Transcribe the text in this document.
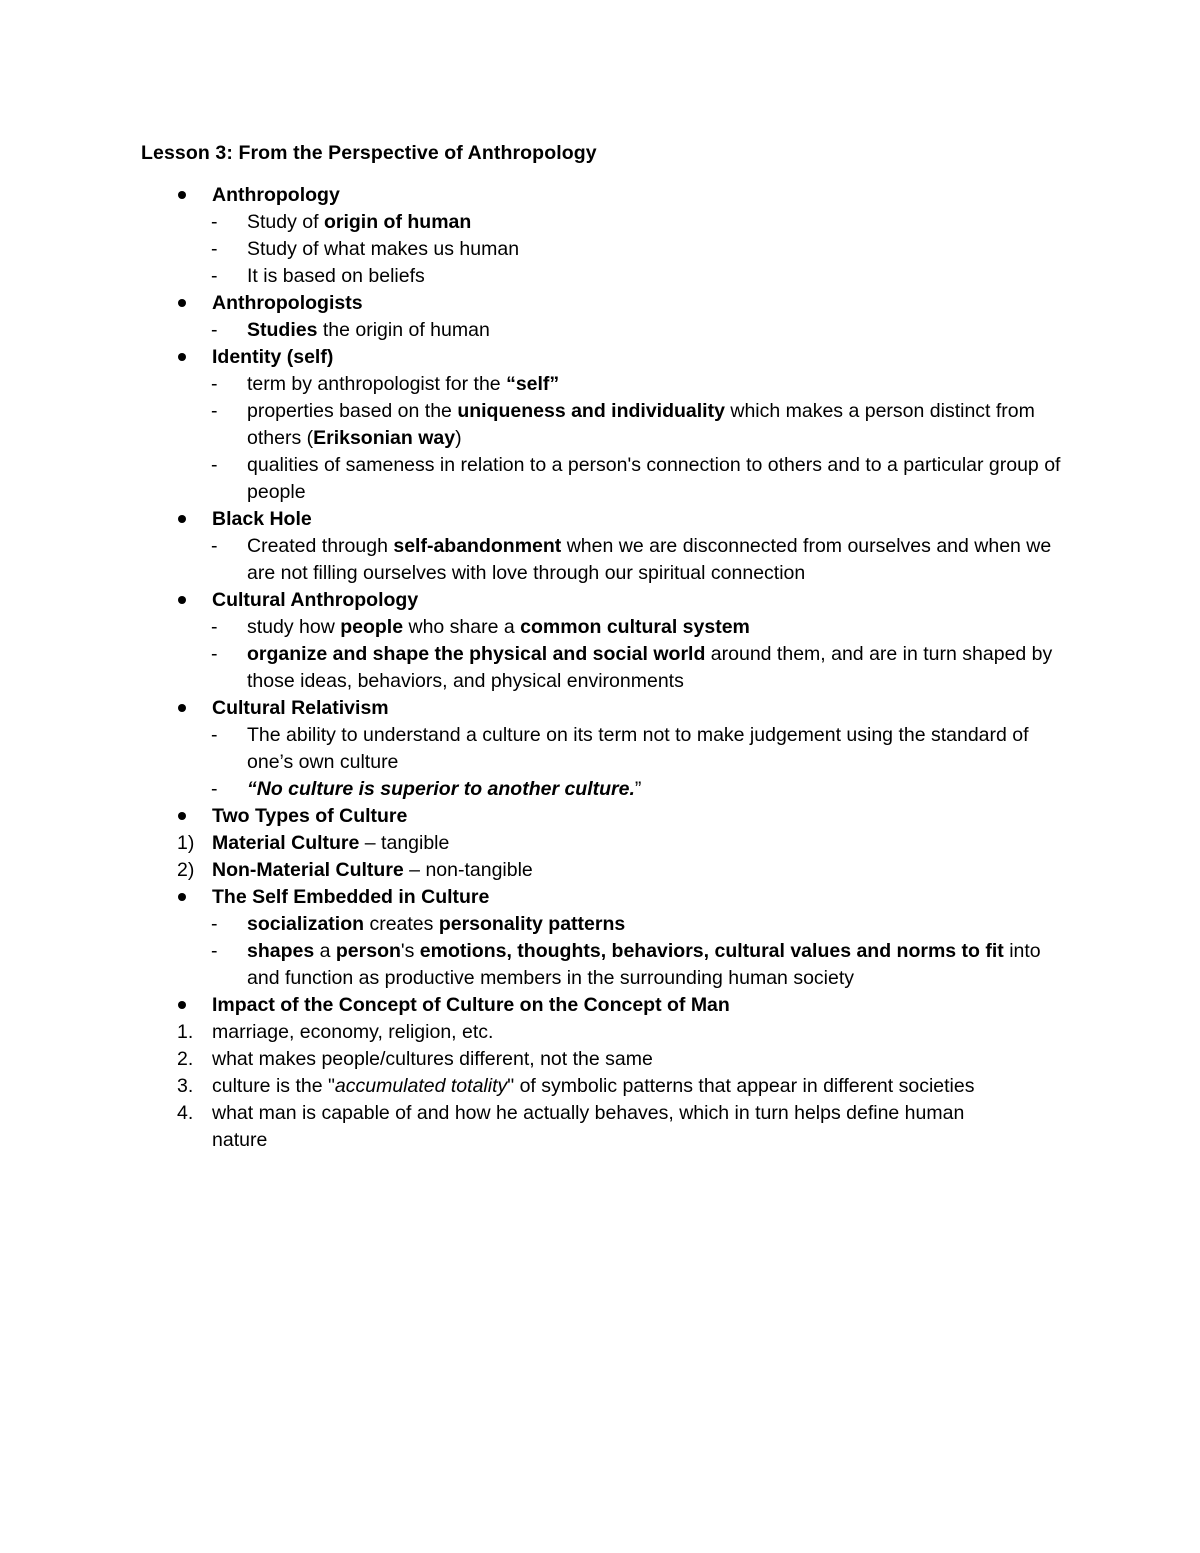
Lesson 3: From the Perspective of Anthropology
Anthropology
- Study of origin of human
- Study of what makes us human
- It is based on beliefs
Anthropologists
- Studies the origin of human
Identity (self)
- term by anthropologist for the “self”
- properties based on the uniqueness and individuality which makes a person distinct from others (Eriksonian way)
- qualities of sameness in relation to a person's connection to others and to a particular group of people
Black Hole
- Created through self-abandonment when we are disconnected from ourselves and when we are not filling ourselves with love through our spiritual connection
Cultural Anthropology
- study how people who share a common cultural system
- organize and shape the physical and social world around them, and are in turn shaped by those ideas, behaviors, and physical environments
Cultural Relativism
- The ability to understand a culture on its term not to make judgement using the standard of one’s own culture
- “No culture is superior to another culture.”
Two Types of Culture
1) Material Culture – tangible
2) Non-Material Culture – non-tangible
The Self Embedded in Culture
- socialization creates personality patterns
- shapes a person's emotions, thoughts, behaviors, cultural values and norms to fit into and function as productive members in the surrounding human society
Impact of the Concept of Culture on the Concept of Man
1. marriage, economy, religion, etc.
2. what makes people/cultures different, not the same
3. culture is the "accumulated totality" of symbolic patterns that appear in different societies
4. what man is capable of and how he actually behaves, which in turn helps define human nature
